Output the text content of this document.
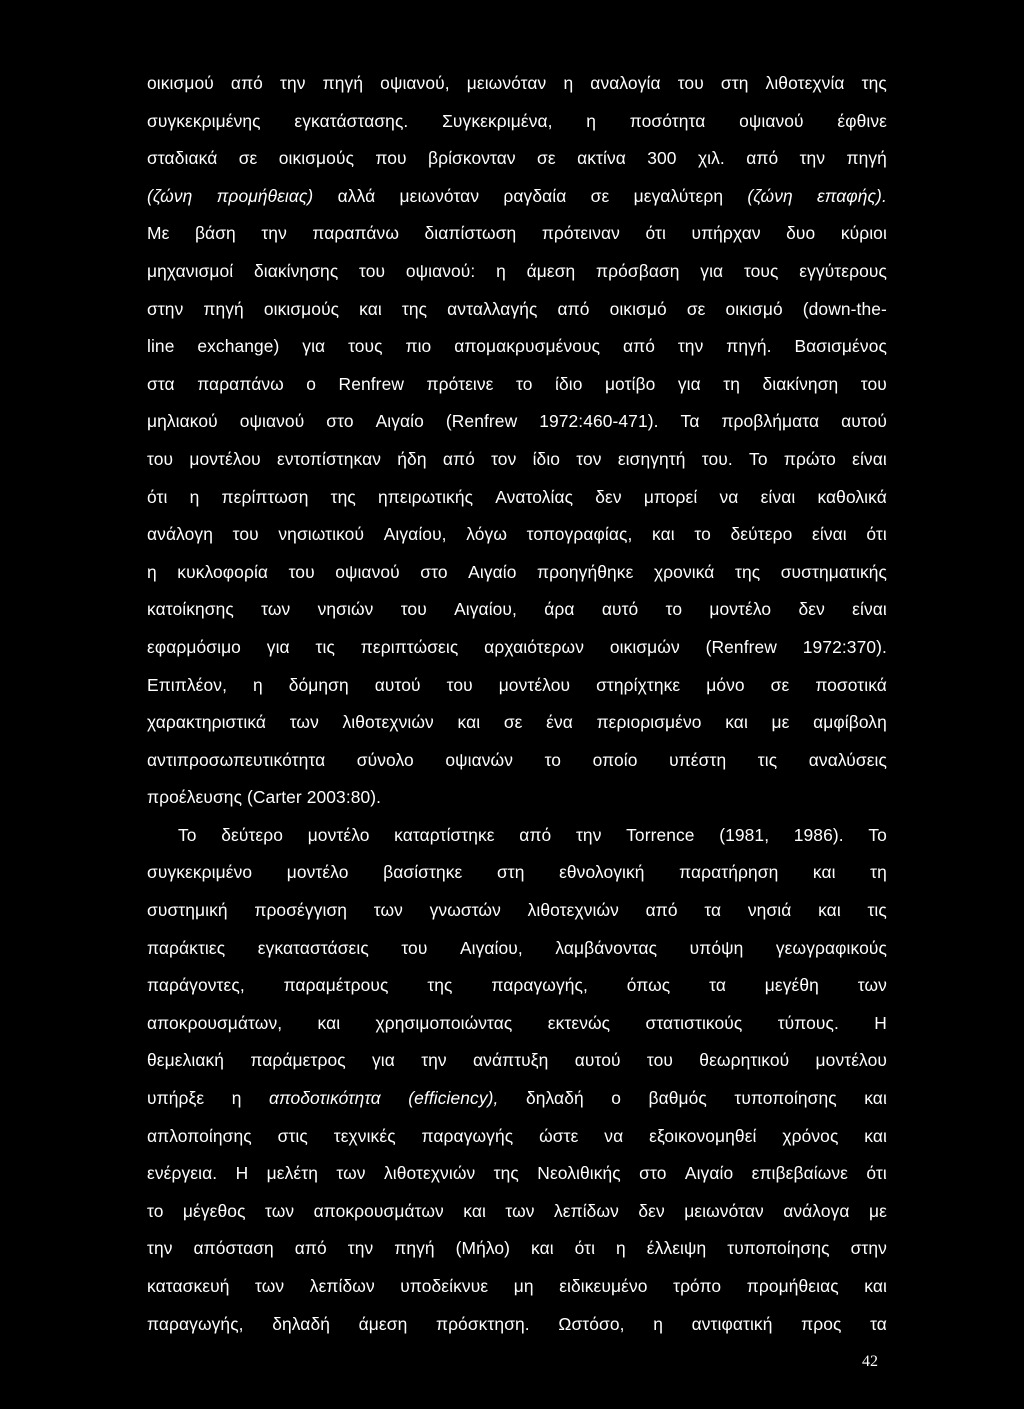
οικισμού από την πηγή οψιανού, μειωνόταν η αναλογία του στη λιθοτεχνία της
συγκεκριμένης εγκατάστασης. Συγκεκριμένα, η ποσότητα οψιανού έφθινε
σταδιακά σε οικισμούς που βρίσκονταν σε ακτίνα 300 χιλ. από την πηγή
(ζώνη προμήθειας) αλλά μειωνόταν ραγδαία σε μεγαλύτερη (ζώνη επαφής).
Με βάση την παραπάνω διαπίστωση πρότειναν ότι υπήρχαν δυο κύριοι
μηχανισμοί διακίνησης του οψιανού: η άμεση πρόσβαση για τους εγγύτερους
στην πηγή οικισμούς και της ανταλλαγής από οικισμό σε οικισμό (down-the-
line exchange) για τους πιο απομακρυσμένους από την πηγή. Βασισμένος
στα παραπάνω ο Renfrew πρότεινε το ίδιο μοτίβο για τη διακίνηση του
μηλιακού οψιανού στο Αιγαίο (Renfrew 1972:460-471). Τα προβλήματα αυτού
του μοντέλου εντοπίστηκαν ήδη από τον ίδιο τον εισηγητή του. Το πρώτο είναι
ότι η περίπτωση της ηπειρωτικής Ανατολίας δεν μπορεί να είναι καθολικά
ανάλογη του νησιωτικού Αιγαίου, λόγω τοπογραφίας, και το δεύτερο είναι ότι
η κυκλοφορία του οψιανού στο Αιγαίο προηγήθηκε χρονικά της συστηματικής
κατοίκησης των νησιών του Αιγαίου, άρα αυτό το μοντέλο δεν είναι
εφαρμόσιμο για τις περιπτώσεις αρχαιότερων οικισμών (Renfrew 1972:370).
Επιπλέον, η δόμηση αυτού του μοντέλου στηρίχτηκε μόνο σε ποσοτικά
χαρακτηριστικά των λιθοτεχνιών και σε ένα περιορισμένο και με αμφίβολη
αντιπροσωπευτικότητα σύνολο οψιανών το οποίο υπέστη τις αναλύσεις
προέλευσης (Carter 2003:80).
Το δεύτερο μοντέλο καταρτίστηκε από την Torrence (1981, 1986). Το
συγκεκριμένο μοντέλο βασίστηκε στη εθνολογική παρατήρηση και τη
συστημική προσέγγιση των γνωστών λιθοτεχνιών από τα νησιά και τις
παράκτιες εγκαταστάσεις του Αιγαίου, λαμβάνοντας υπόψη γεωγραφικούς
παράγοντες, παραμέτρους της παραγωγής, όπως τα μεγέθη των
αποκρουσμάτων, και χρησιμοποιώντας εκτενώς στατιστικούς τύπους. Η
θεμελιακή παράμετρος για την ανάπτυξη αυτού του θεωρητικού μοντέλου
υπήρξε η αποδοτικότητα (efficiency), δηλαδή ο βαθμός τυποποίησης και
απλοποίησης στις τεχνικές παραγωγής ώστε να εξοικονομηθεί χρόνος και
ενέργεια. Η μελέτη των λιθοτεχνιών της Νεολιθικής στο Αιγαίο επιβεβαίωνε ότι
το μέγεθος των αποκρουσμάτων και των λεπίδων δεν μειωνόταν ανάλογα με
την απόσταση από την πηγή (Μήλο) και ότι η έλλειψη τυποποίησης στην
κατασκευή των λεπίδων υποδείκνυε μη ειδικευμένο τρόπο προμήθειας και
παραγωγής, δηλαδή άμεση πρόσκτηση. Ωστόσο, η αντιφατική προς τα
42
